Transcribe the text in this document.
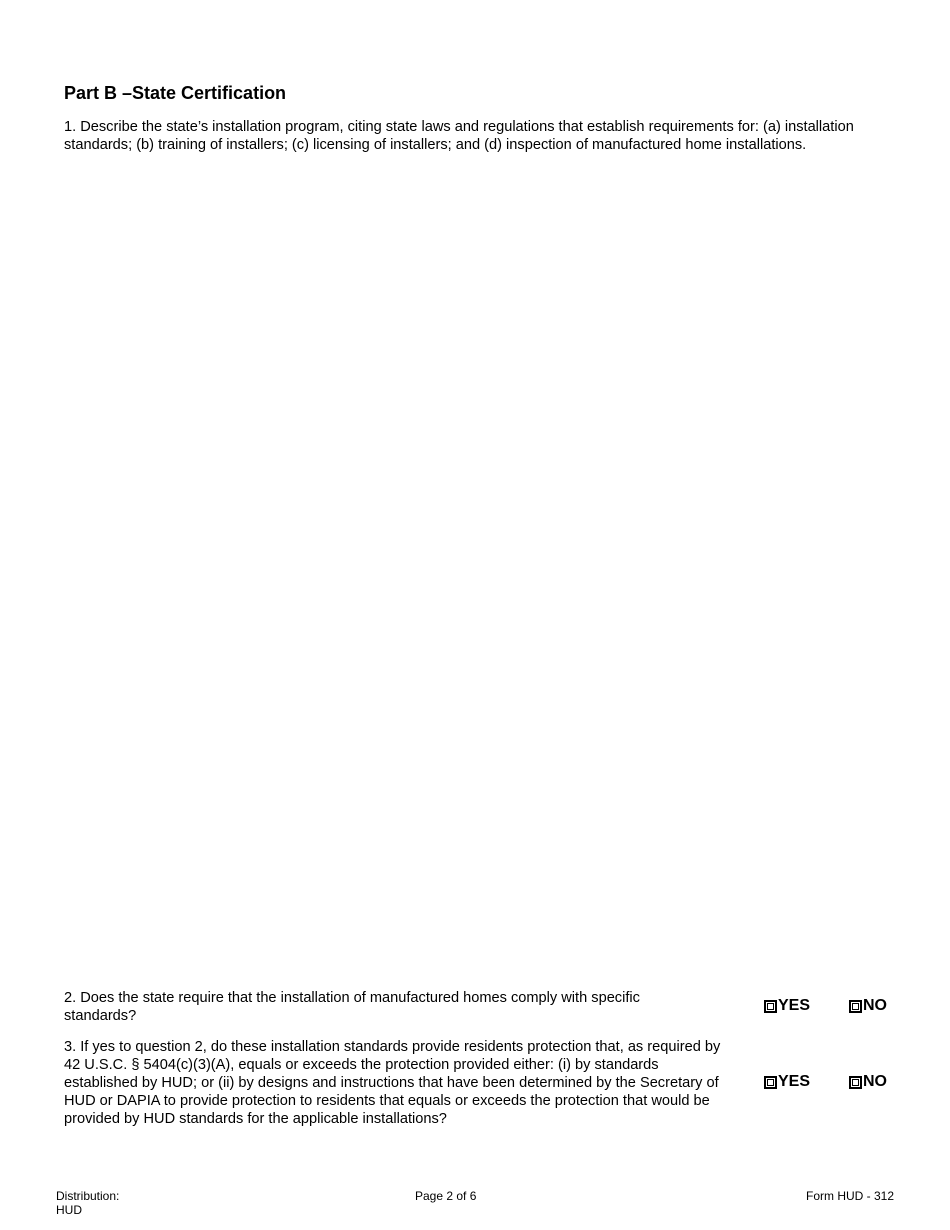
Part B –State Certification

1. Describe the state’s installation program, citing state laws and regulations that establish requirements for: (a) installation standards; (b) training of installers; (c) licensing of installers; and (d) inspection of manufactured home installations.

2. Does the state require that the installation of manufactured homes comply with specific standards?

YES	NO

3. If yes to question 2, do these installation standards provide residents protection that, as required by 42 U.S.C. § 5404(c)(3)(A), equals or exceeds the protection provided either: (i) by standards established by HUD; or (ii) by designs and instructions that have been determined by the Secretary of HUD or DAPIA to provide protection to residents that equals or exceeds the protection that would be provided by HUD standards for the applicable installations?

YES	NO
Distribution:
HUD
Page 2 of 6	Form HUD - 312
